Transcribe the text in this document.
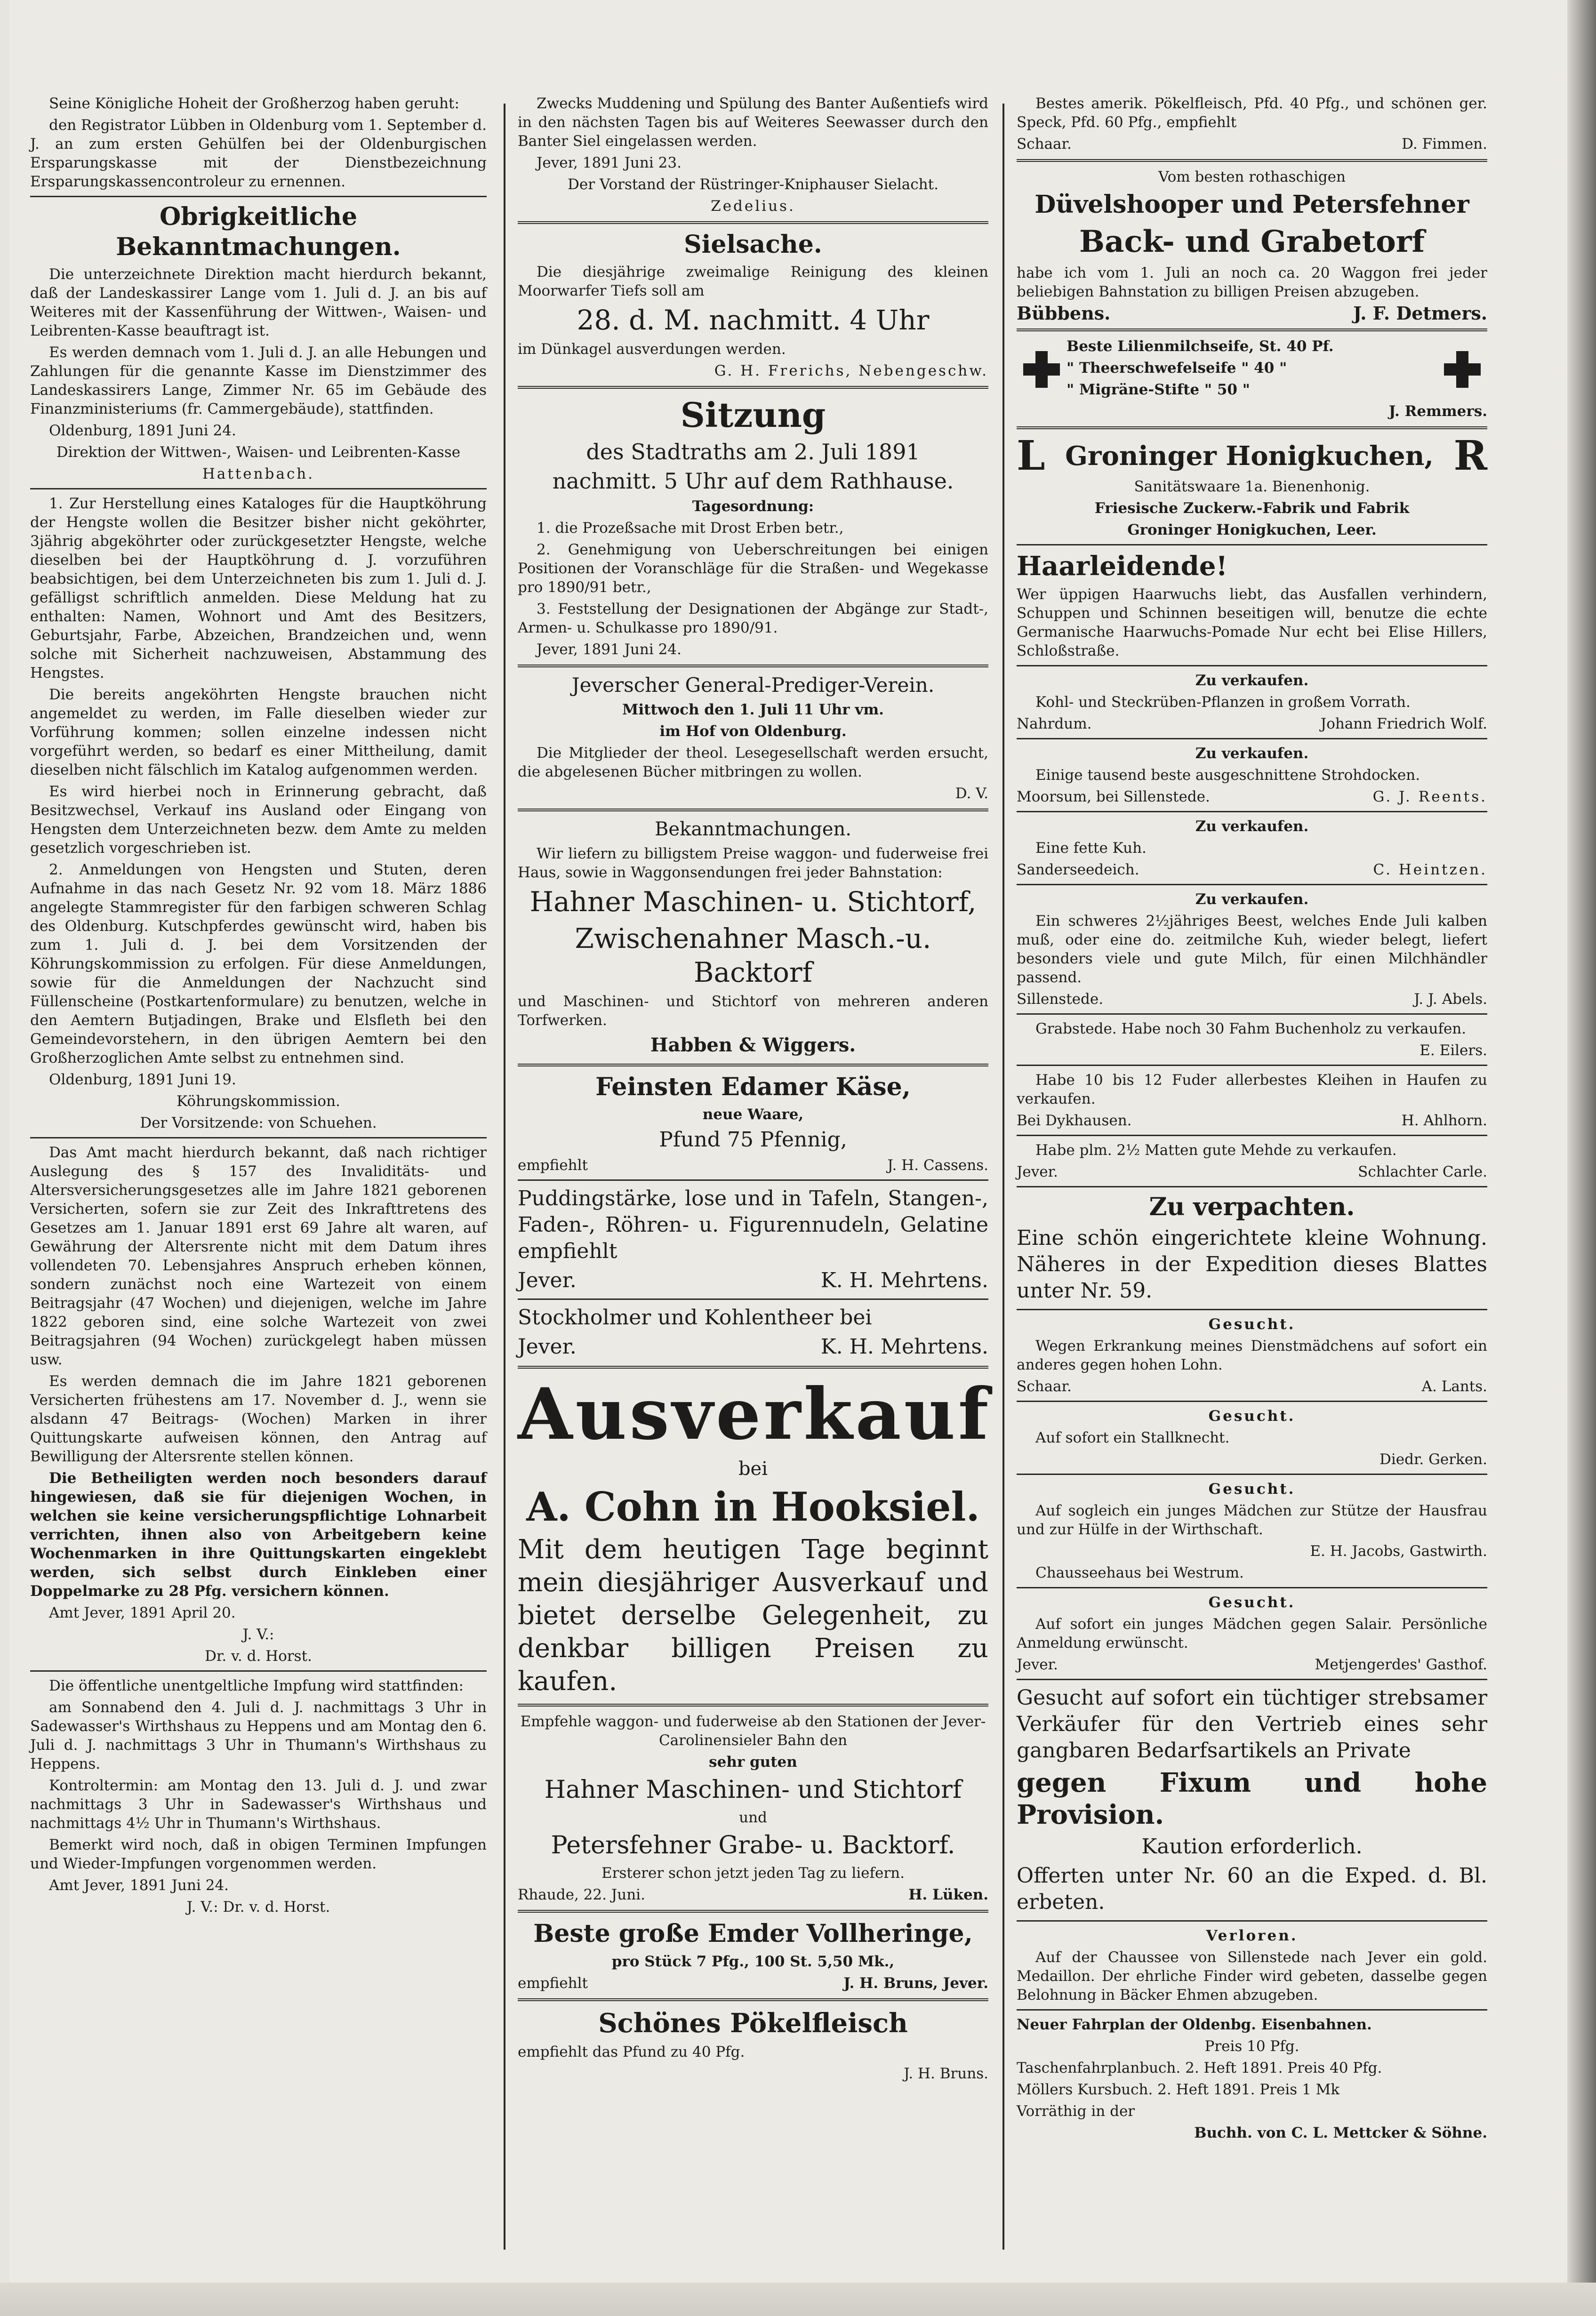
Seine Königliche Hoheit der Großherzog haben geruht:

den Registrator Lübben in Oldenburg vom 1. September d. J. an zum ersten Gehülfen bei der Oldenburgischen Ersparungskasse mit der Dienstbezeichnung Ersparungskassencontroleur zu ernennen.

Obrigkeitliche Bekanntmachungen.

Die unterzeichnete Direktion macht hierdurch bekannt, daß der Landeskassirer Lange vom 1. Juli d. J. an bis auf Weiteres mit der Kassenführung der Wittwen-, Waisen- und Leibrenten-Kasse beauftragt ist.

Es werden demnach vom 1. Juli d. J. an alle Hebungen und Zahlungen für die genannte Kasse im Dienstzimmer des Landeskassirers Lange, Zimmer Nr. 65 im Gebäude des Finanzministeriums (fr. Cammergebäude), stattfinden.

Oldenburg, 1891 Juni 24.

Direktion der Wittwen-, Waisen- und Leibrenten-Kasse

Hattenbach.

1. Zur Herstellung eines Kataloges für die Hauptköhrung der Hengste wollen die Besitzer bisher nicht geköhrter, 3jährig abgeköhrter oder zurückgesetzter Hengste, welche dieselben bei der Hauptköhrung d. J. vorzuführen beabsichtigen, bei dem Unterzeichneten bis zum 1. Juli d. J. gefälligst schriftlich anmelden. Diese Meldung hat zu enthalten: Namen, Wohnort und Amt des Besitzers, Geburtsjahr, Farbe, Abzeichen, Brandzeichen und, wenn solche mit Sicherheit nachzuweisen, Abstammung des Hengstes.

Die bereits angeköhrten Hengste brauchen nicht angemeldet zu werden, im Falle dieselben wieder zur Vorführung kommen; sollen einzelne indessen nicht vorgeführt werden, so bedarf es einer Mittheilung, damit dieselben nicht fälschlich im Katalog aufgenommen werden.

Es wird hierbei noch in Erinnerung gebracht, daß Besitzwechsel, Verkauf ins Ausland oder Eingang von Hengsten dem Unterzeichneten bezw. dem Amte zu melden gesetzlich vorgeschrieben ist.

2. Anmeldungen von Hengsten und Stuten, deren Aufnahme in das nach Gesetz Nr. 92 vom 18. März 1886 angelegte Stammregister für den farbigen schweren Schlag des Oldenburg. Kutschpferdes gewünscht wird, haben bis zum 1. Juli d. J. bei dem Vorsitzenden der Köhrungskommission zu erfolgen. Für diese Anmeldungen, sowie für die Anmeldungen der Nachzucht sind Füllenscheine (Postkartenformulare) zu benutzen, welche in den Aemtern Butjadingen, Brake und Elsfleth bei den Gemeindevorstehern, in den übrigen Aemtern bei den Großherzoglichen Amte selbst zu entnehmen sind.

Oldenburg, 1891 Juni 19.

Köhrungskommission.

Der Vorsitzende: von Schuehen.

Das Amt macht hierdurch bekannt, daß nach richtiger Auslegung des § 157 des Invaliditäts- und Altersversicherungsgesetzes alle im Jahre 1821 geborenen Versicherten, sofern sie zur Zeit des Inkrafttretens des Gesetzes am 1. Januar 1891 erst 69 Jahre alt waren, auf Gewährung der Altersrente nicht mit dem Datum ihres vollendeten 70. Lebensjahres Anspruch erheben können, sondern zunächst noch eine Wartezeit von einem Beitragsjahr (47 Wochen) und diejenigen, welche im Jahre 1822 geboren sind, eine solche Wartezeit von zwei Beitragsjahren (94 Wochen) zurückgelegt haben müssen usw.

Es werden demnach die im Jahre 1821 geborenen Versicherten frühestens am 17. November d. J., wenn sie alsdann 47 Beitrags- (Wochen) Marken in ihrer Quittungskarte aufweisen können, den Antrag auf Bewilligung der Altersrente stellen können.

Die Betheiligten werden noch besonders darauf hingewiesen, daß sie für diejenigen Wochen, in welchen sie keine versicherungspflichtige Lohnarbeit verrichten, ihnen also von Arbeitgebern keine Wochenmarken in ihre Quittungskarten eingeklebt werden, sich selbst durch Einkleben einer Doppelmarke zu 28 Pfg. versichern können.

Amt Jever, 1891 April 20.

J. V.:

Dr. v. d. Horst.

Die öffentliche unentgeltliche Impfung wird stattfinden:

am Sonnabend den 4. Juli d. J. nachmittags 3 Uhr in Sadewasser's Wirthshaus zu Heppens und am Montag den 6. Juli d. J. nachmittags 3 Uhr in Thumann's Wirthshaus zu Heppens.

Kontroltermin: am Montag den 13. Juli d. J. und zwar nachmittags 3 Uhr in Sadewasser's Wirthshaus und nachmittags 4½ Uhr in Thumann's Wirthshaus.

Bemerkt wird noch, daß in obigen Terminen Impfungen und Wieder-Impfungen vorgenommen werden.

Amt Jever, 1891 Juni 24.

J. V.: Dr. v. d. Horst.

Zwecks Muddening und Spülung des Banter Außentiefs wird in den nächsten Tagen bis auf Weiteres Seewasser durch den Banter Siel eingelassen werden.

Jever, 1891 Juni 23.

Der Vorstand der Rüstringer-Kniphauser Sielacht.

Zedelius.

Sielsache.

Die diesjährige zweimalige Reinigung des kleinen Moorwarfer Tiefs soll am

28. d. M. nachmitt. 4 Uhr

im Dünkagel ausverdungen werden.

G. H. Frerichs, Nebengeschw.

Sitzung

des Stadtraths am 2. Juli 1891

nachmitt. 5 Uhr auf dem Rathhause.

Tagesordnung:

1. die Prozeßsache mit Drost Erben betr.,

2. Genehmigung von Ueberschreitungen bei einigen Positionen der Voranschläge für die Straßen- und Wegekasse pro 1890/91 betr.,

3. Feststellung der Designationen der Abgänge zur Stadt-, Armen- u. Schulkasse pro 1890/91.

Jever, 1891 Juni 24.

Jeverscher General-Prediger-Verein.

Mittwoch den 1. Juli 11 Uhr vm.

im Hof von Oldenburg.

Die Mitglieder der theol. Lesegesellschaft werden ersucht, die abgelesenen Bücher mitbringen zu wollen.

D. V.

Bekanntmachungen.

Wir liefern zu billigstem Preise waggon- und fuderweise frei Haus, sowie in Waggonsendungen frei jeder Bahnstation:

Hahner Maschinen- u. Stichtorf,

Zwischenahner Masch.-u. Backtorf

und Maschinen- und Stichtorf von mehreren anderen Torfwerken.

Habben & Wiggers.

Feinsten Edamer Käse,

neue Waare,

Pfund 75 Pfennig,

empfiehlt	J. H. Cassens.

Puddingstärke, lose und in Tafeln, Stangen-, Faden-, Röhren- u. Figurennudeln, Gelatine empfiehlt

Jever.	K. H. Mehrtens.

Stockholmer und Kohlentheer bei

Jever.	K. H. Mehrtens.

Ausverkauf

bei

A. Cohn in Hooksiel.

Mit dem heutigen Tage beginnt mein diesjähriger Ausverkauf und bietet derselbe Gelegenheit, zu denkbar billigen Preisen zu kaufen.

Empfehle waggon- und fuderweise ab den Stationen der Jever-Carolinensieler Bahn den

sehr guten

Hahner Maschinen- und Stichtorf

und

Petersfehner Grabe- u. Backtorf.

Ersterer schon jetzt jeden Tag zu liefern.

Rhaude, 22. Juni.	H. Lüken.

Beste große Emder Vollheringe,

pro Stück 7 Pfg., 100 St. 5,50 Mk.,

empfiehlt	J. H. Bruns, Jever.

Schönes Pökelfleisch

empfiehlt das Pfund zu 40 Pfg.

J. H. Bruns.

Bestes amerik. Pökelfleisch, Pfd. 40 Pfg., und schönen ger. Speck, Pfd. 60 Pfg., empfiehlt

Schaar.	D. Fimmen.

Vom besten rothaschigen

Düvelshooper und Petersfehner

Back- und Grabetorf

habe ich vom 1. Juli an noch ca. 20 Waggon frei jeder beliebigen Bahnstation zu billigen Preisen abzugeben.

Bübbens.	J. F. Detmers.

Beste Lilienmilchseife, St. 40 Pf.

" Theerschwefelseife " 40 "

" Migräne-Stifte " 50 "

J. Remmers.

L Groninger Honigkuchen, R

Sanitätswaare 1a. Bienenhonig.

Friesische Zuckerw.-Fabrik und Fabrik

Groninger Honigkuchen, Leer.

Haarleidende!

Wer üppigen Haarwuchs liebt, das Ausfallen verhindern, Schuppen und Schinnen beseitigen will, benutze die echte Germanische Haarwuchs-Pomade Nur echt bei Elise Hillers, Schloßstraße.

Zu verkaufen.

Kohl- und Steckrüben-Pflanzen in großem Vorrath.

Nahrdum.	Johann Friedrich Wolf.

Zu verkaufen.

Einige tausend beste ausgeschnittene Strohdocken.

Moorsum, bei Sillenstede.	G. J. Reents.

Zu verkaufen.

Eine fette Kuh.

Sanderseedeich.	C. Heintzen.

Zu verkaufen.

Ein schweres 2½jähriges Beest, welches Ende Juli kalben muß, oder eine do. zeitmilche Kuh, wieder belegt, liefert besonders viele und gute Milch, für einen Milchhändler passend.

Sillenstede.	J. J. Abels.

Grabstede. Habe noch 30 Fahm Buchenholz zu verkaufen.

E. Eilers.

Habe 10 bis 12 Fuder allerbestes Kleihen in Haufen zu verkaufen.

Bei Dykhausen.	H. Ahlhorn.

Habe plm. 2½ Matten gute Mehde zu verkaufen.

Jever.	Schlachter Carle.

Zu verpachten.

Eine schön eingerichtete kleine Wohnung. Näheres in der Expedition dieses Blattes unter Nr. 59.

Gesucht.

Wegen Erkrankung meines Dienstmädchens auf sofort ein anderes gegen hohen Lohn.

Schaar.	A. Lants.

Gesucht.

Auf sofort ein Stallknecht.

Diedr. Gerken.

Gesucht.

Auf sogleich ein junges Mädchen zur Stütze der Hausfrau und zur Hülfe in der Wirthschaft.

E. H. Jacobs, Gastwirth.

Chausseehaus bei Westrum.

Gesucht.

Auf sofort ein junges Mädchen gegen Salair. Persönliche Anmeldung erwünscht.

Jever.	Metjengerdes' Gasthof.

Gesucht auf sofort ein tüchtiger strebsamer Verkäufer für den Vertrieb eines sehr gangbaren Bedarfsartikels an Private

gegen Fixum und hohe Provision.

Kaution erforderlich.

Offerten unter Nr. 60 an die Exped. d. Bl. erbeten.

Verloren.

Auf der Chaussee von Sillenstede nach Jever ein gold. Medaillon. Der ehrliche Finder wird gebeten, dasselbe gegen Belohnung in Bäcker Ehmen abzugeben.

Neuer Fahrplan der Oldenbg. Eisenbahnen.

Preis 10 Pfg.

Taschenfahrplanbuch. 2. Heft 1891. Preis 40 Pfg.

Möllers Kursbuch. 2. Heft 1891. Preis 1 Mk

Vorräthig in der

Buchh. von C. L. Mettcker & Söhne.
